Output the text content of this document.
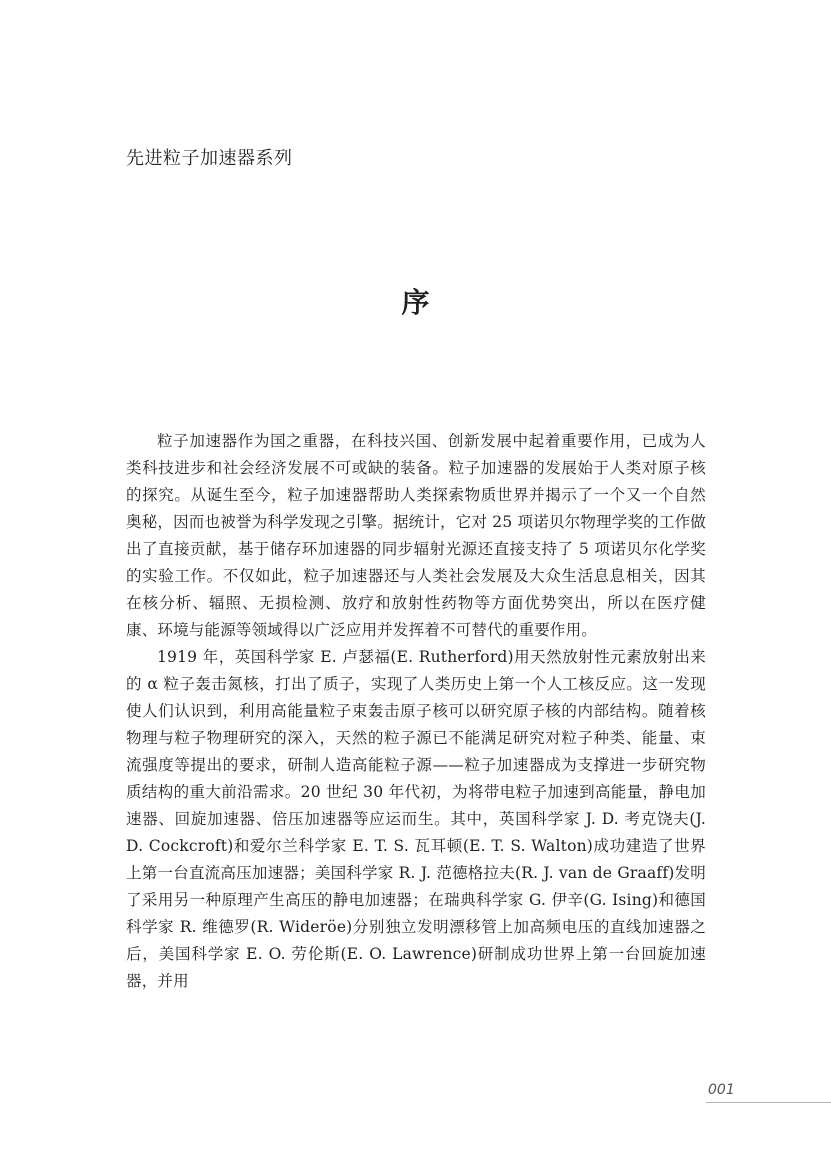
先进粒子加速器系列
序

粒子加速器作为国之重器，在科技兴国、创新发展中起着重要作用，已成为人类科技进步和社会经济发展不可或缺的装备。粒子加速器的发展始于人类对原子核的探究。从诞生至今，粒子加速器帮助人类探索物质世界并揭示了一个又一个自然奥秘，因而也被誉为科学发现之引擎。据统计，它对 25 项诺贝尔物理学奖的工作做出了直接贡献，基于储存环加速器的同步辐射光源还直接支持了 5 项诺贝尔化学奖的实验工作。不仅如此，粒子加速器还与人类社会发展及大众生活息息相关，因其在核分析、辐照、无损检测、放疗和放射性药物等方面优势突出，所以在医疗健康、环境与能源等领域得以广泛应用并发挥着不可替代的重要作用。

1919 年，英国科学家 E. 卢瑟福(E. Rutherford)用天然放射性元素放射出来的 α 粒子轰击氮核，打出了质子，实现了人类历史上第一个人工核反应。这一发现使人们认识到，利用高能量粒子束轰击原子核可以研究原子核的内部结构。随着核物理与粒子物理研究的深入，天然的粒子源已不能满足研究对粒子种类、能量、束流强度等提出的要求，研制人造高能粒子源——粒子加速器成为支撑进一步研究物质结构的重大前沿需求。20 世纪 30 年代初，为将带电粒子加速到高能量，静电加速器、回旋加速器、倍压加速器等应运而生。其中，英国科学家 J. D. 考克饶夫(J. D. Cockcroft)和爱尔兰科学家 E. T. S. 瓦耳顿(E. T. S. Walton)成功建造了世界上第一台直流高压加速器；美国科学家 R. J. 范德格拉夫(R. J. van de Graaff)发明了采用另一种原理产生高压的静电加速器；在瑞典科学家 G. 伊辛(G. Ising)和德国科学家 R. 维德罗(R. Wideröe)分别独立发明漂移管上加高频电压的直线加速器之后，美国科学家 E. O. 劳伦斯(E. O. Lawrence)研制成功世界上第一台回旋加速器，并用

001
